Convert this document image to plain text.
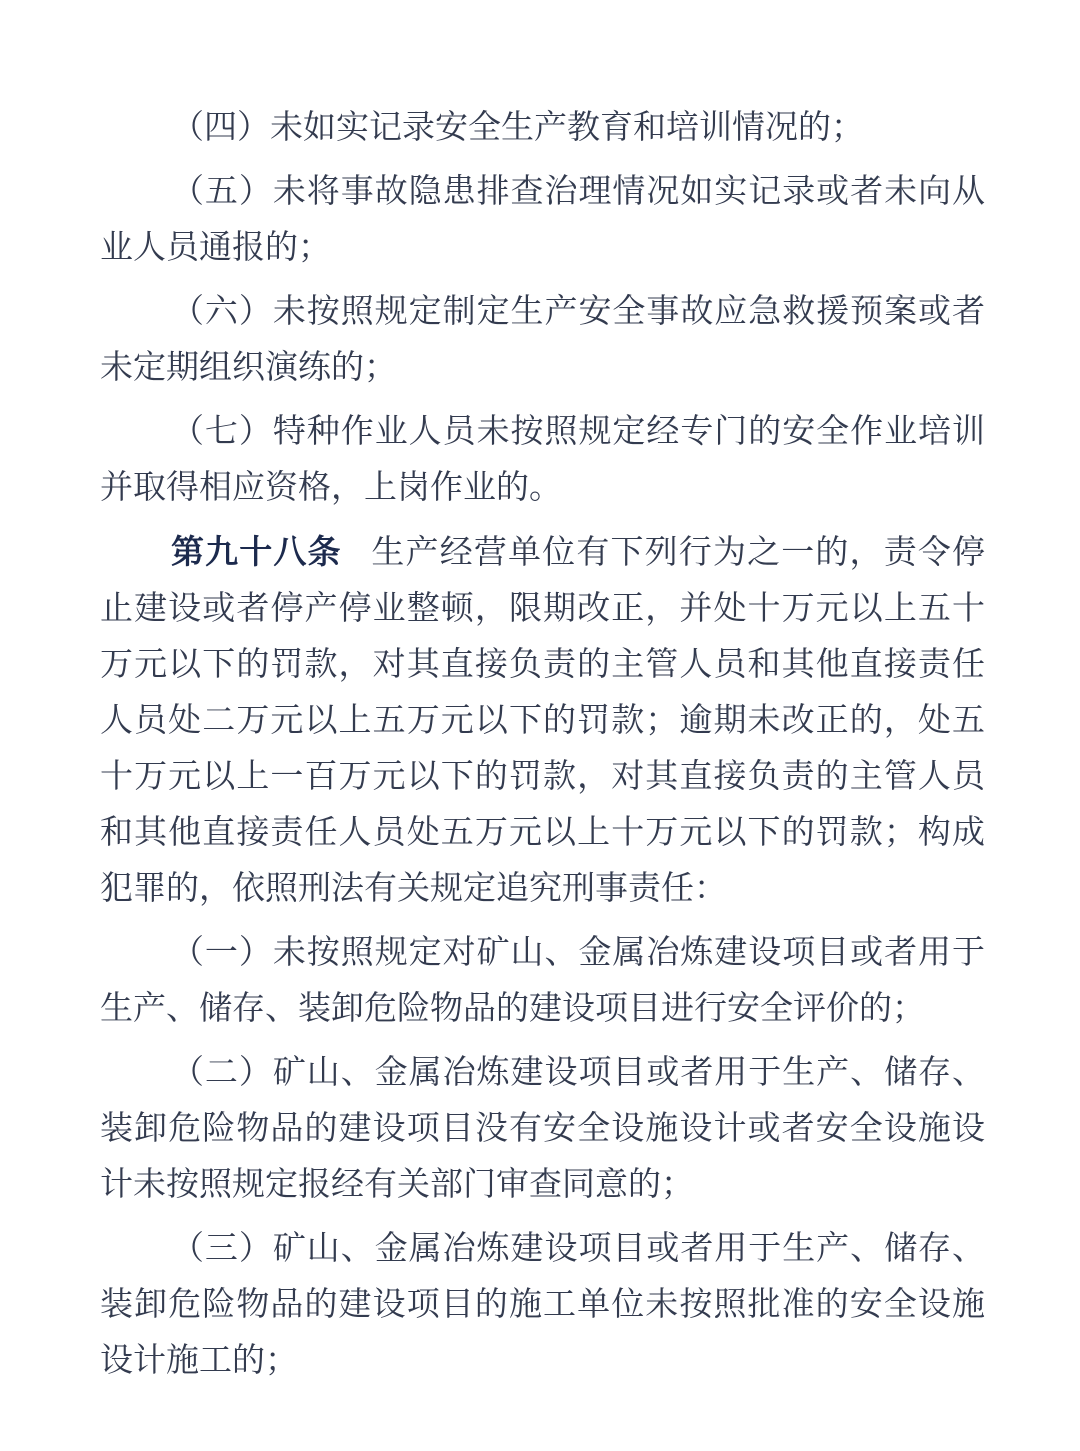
（四）未如实记录安全生产教育和培训情况的；

（五）未将事故隐患排查治理情况如实记录或者未向从业人员通报的；

（六）未按照规定制定生产安全事故应急救援预案或者未定期组织演练的；

（七）特种作业人员未按照规定经专门的安全作业培训并取得相应资格，上岗作业的。

第九十八条 生产经营单位有下列行为之一的，责令停止建设或者停产停业整顿，限期改正，并处十万元以上五十万元以下的罚款，对其直接负责的主管人员和其他直接责任人员处二万元以上五万元以下的罚款；逾期未改正的，处五十万元以上一百万元以下的罚款，对其直接负责的主管人员和其他直接责任人员处五万元以上十万元以下的罚款；构成犯罪的，依照刑法有关规定追究刑事责任：

（一）未按照规定对矿山、金属冶炼建设项目或者用于生产、储存、装卸危险物品的建设项目进行安全评价的；

（二）矿山、金属冶炼建设项目或者用于生产、储存、装卸危险物品的建设项目没有安全设施设计或者安全设施设计未按照规定报经有关部门审查同意的；

（三）矿山、金属冶炼建设项目或者用于生产、储存、装卸危险物品的建设项目的施工单位未按照批准的安全设施设计施工的；
